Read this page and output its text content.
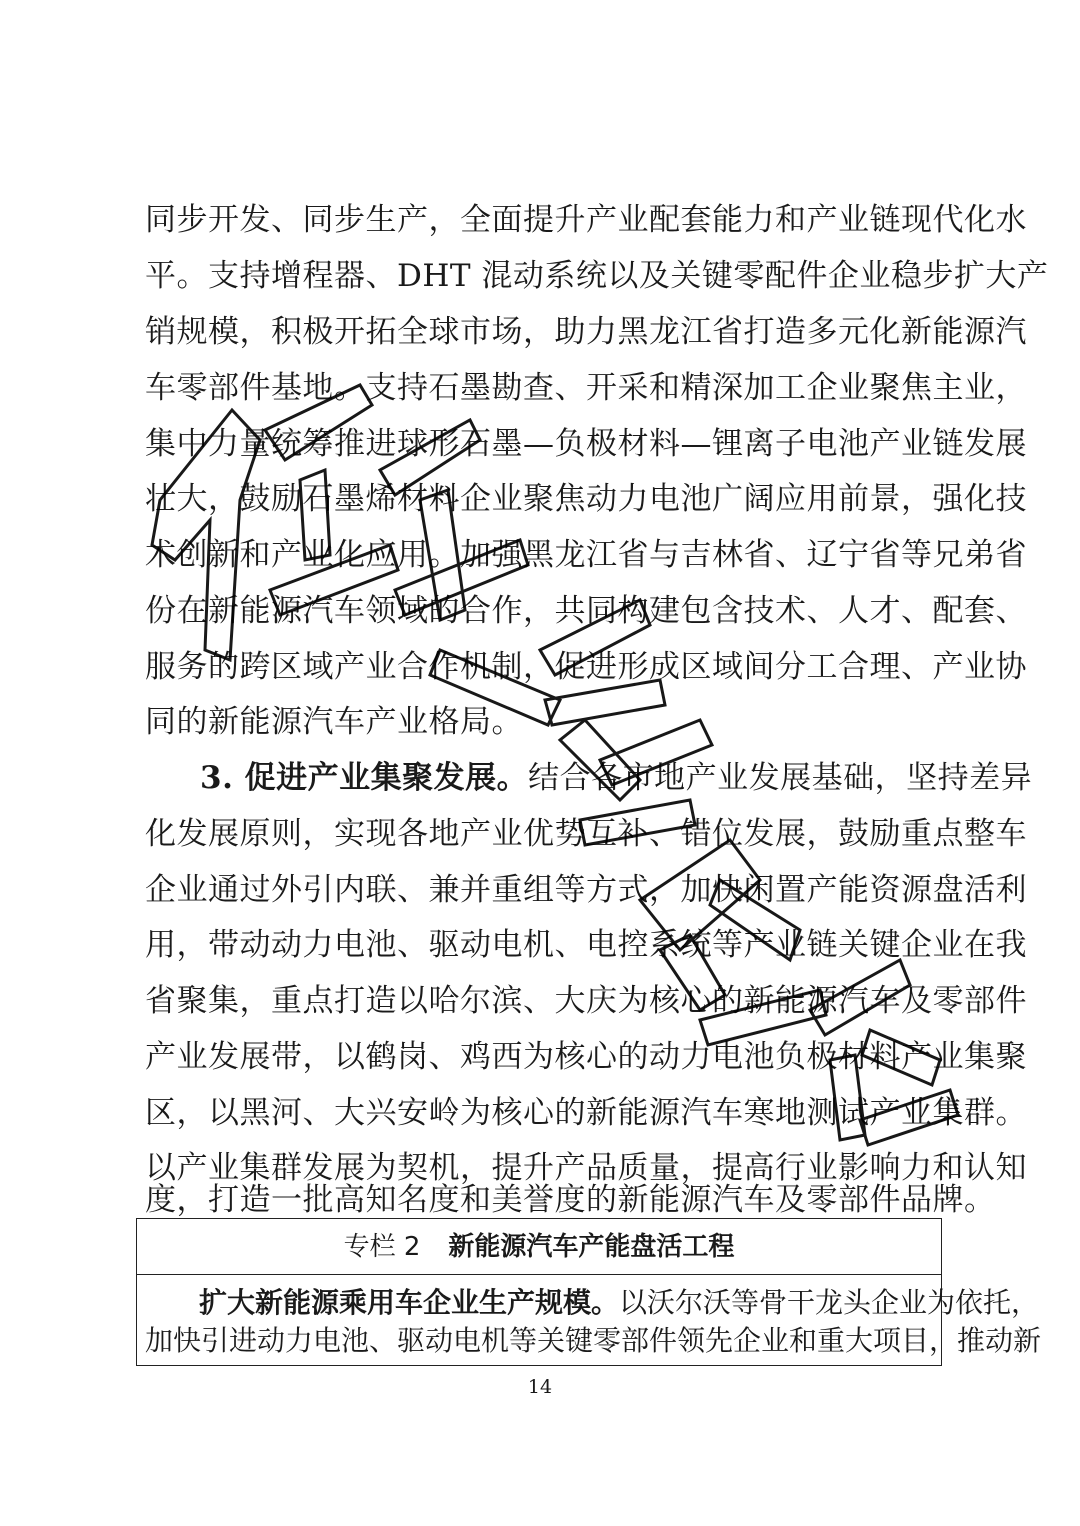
同步开发、同步生产，全面提升产业配套能力和产业链现代化水
平。支持增程器、DHT 混动系统以及关键零配件企业稳步扩大产
销规模，积极开拓全球市场，助力黑龙江省打造多元化新能源汽
车零部件基地。支持石墨勘查、开采和精深加工企业聚焦主业，
集中力量统筹推进球形石墨—负极材料—锂离子电池产业链发展
壮大，鼓励石墨烯材料企业聚焦动力电池广阔应用前景，强化技
术创新和产业化应用。加强黑龙江省与吉林省、辽宁省等兄弟省
份在新能源汽车领域的合作，共同构建包含技术、人才、配套、
服务的跨区域产业合作机制，促进形成区域间分工合理、产业协
同的新能源汽车产业格局。
3. 促进产业集聚发展。结合各市地产业发展基础，坚持差异
化发展原则，实现各地产业优势互补、错位发展，鼓励重点整车
企业通过外引内联、兼并重组等方式，加快闲置产能资源盘活利
用，带动动力电池、驱动电机、电控系统等产业链关键企业在我
省聚集，重点打造以哈尔滨、大庆为核心的新能源汽车及零部件
产业发展带，以鹤岗、鸡西为核心的动力电池负极材料产业集聚
区，以黑河、大兴安岭为核心的新能源汽车寒地测试产业集群。
以产业集群发展为契机，提升产品质量，提高行业影响力和认知
专栏 2 新能源汽车产能盘活工程
扩大新能源乘用车企业生产规模。以沃尔沃等骨干龙头企业为依托，
加快引进动力电池、驱动电机等关键零部件领先企业和重大项目，推动新
14
度，打造一批高知名度和美誉度的新能源汽车及零部件品牌。
